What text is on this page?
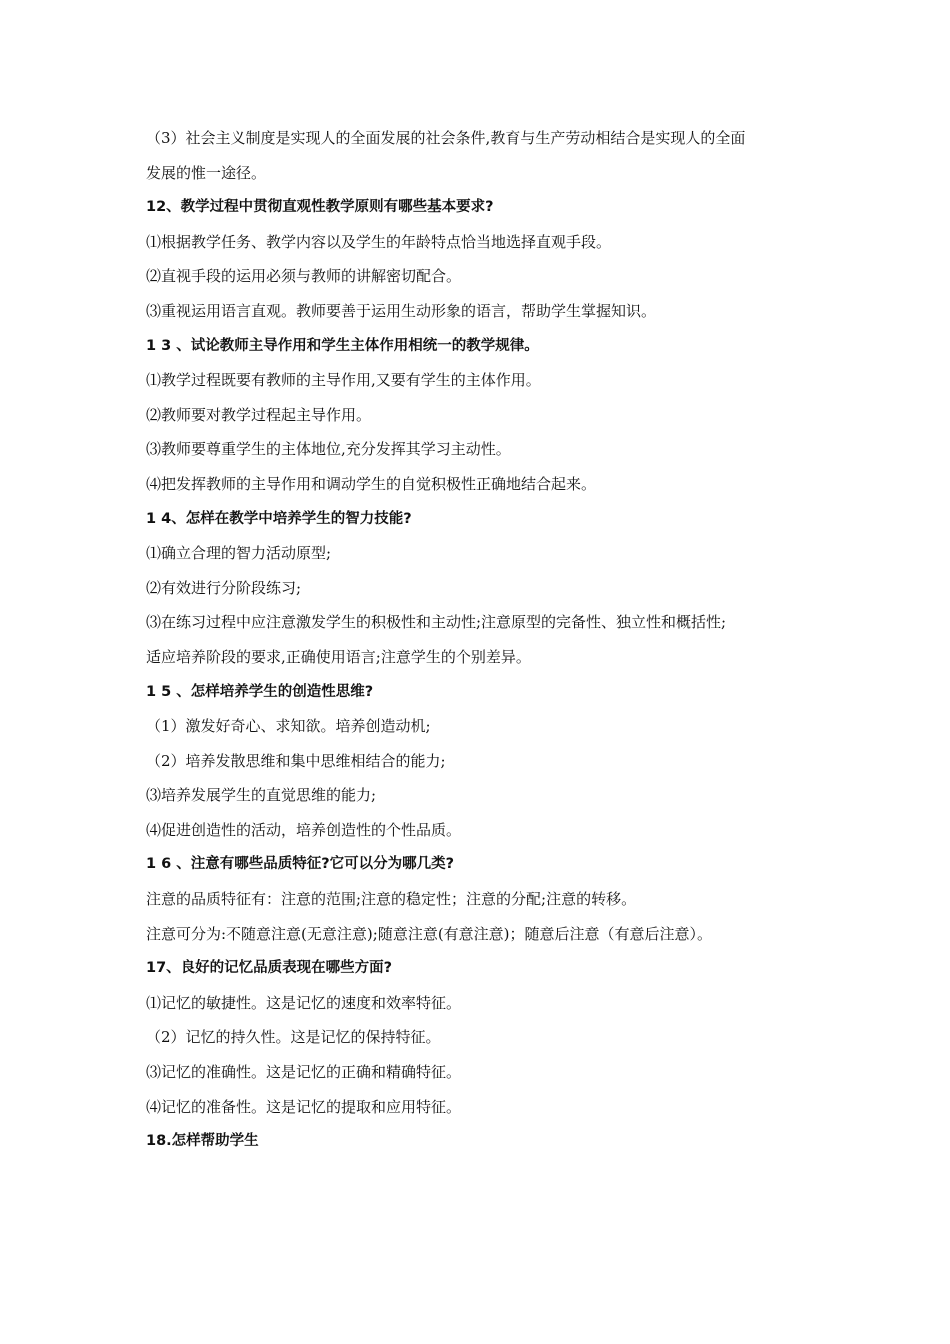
（3）社会主义制度是实现人的全面发展的社会条件,教育与生产劳动相结合是实现人的全面
发展的惟一途径。
12、教学过程中贯彻直观性教学原则有哪些基本要求?
⑴根据教学任务、教学内容以及学生的年龄特点恰当地选择直观手段。
⑵直视手段的运用必须与教师的讲解密切配合。
⑶重视运用语言直观。教师要善于运用生动形象的语言，帮助学生掌握知识。
1 3 、试论教师主导作用和学生主体作用相统一的教学规律。
⑴教学过程既要有教师的主导作用,又要有学生的主体作用。
⑵教师要对教学过程起主导作用。
⑶教师要尊重学生的主体地位,充分发挥其学习主动性。
⑷把发挥教师的主导作用和调动学生的自觉积极性正确地结合起来。
1 4、怎样在教学中培养学生的智力技能?
⑴确立合理的智力活动原型;
⑵有效进行分阶段练习;
⑶在练习过程中应注意激发学生的积极性和主动性;注意原型的完备性、独立性和概括性;
适应培养阶段的要求,正确使用语言;注意学生的个别差异。
1 5 、怎样培养学生的创造性思维?
（1）激发好奇心、求知欲。培养创造动机;
（2）培养发散思维和集中思维相结合的能力;
⑶培养发展学生的直觉思维的能力;
⑷促进创造性的活动，培养创造性的个性品质。
1 6 、注意有哪些品质特征?它可以分为哪几类?
注意的品质特征有：注意的范围;注意的稳定性；注意的分配;注意的转移。
注意可分为:不随意注意(无意注意);随意注意(有意注意)；随意后注意（有意后注意）。
17、良好的记忆品质表现在哪些方面?
⑴记忆的敏捷性。这是记忆的速度和效率特征。
（2）记忆的持久性。这是记忆的保持特征。
⑶记忆的准确性。这是记忆的正确和精确特征。
⑷记忆的准备性。这是记忆的提取和应用特征。
18.怎样帮助学生
